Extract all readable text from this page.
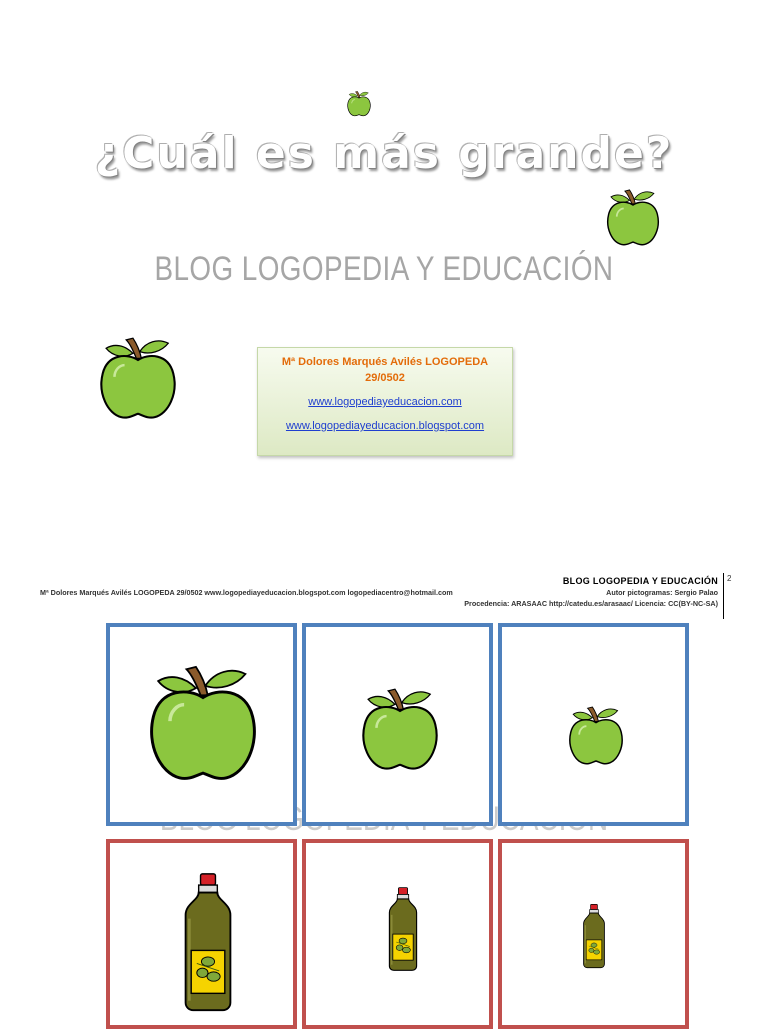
¿Cuál es más grande?
BLOG LOGOPEDIA Y EDUCACIÓN
Mª Dolores Marqués Avilés LOGOPEDA 29/0502
www.logopediayeducacion.com
www.logopediayeducacion.blogspot.com
BLOG LOGOPEDIA Y EDUCACIÓN 2
Mª Dolores Marqués Avilés LOGOPEDA 29/0502 www.logopediayeducacion.blogspot.com logopediacentro@hotmail.com	Autor pictogramas: Sergio Palao
Procedencia: ARASAAC http://catedu.es/arasaac/ Licencia: CC(BY-NC-SA)
